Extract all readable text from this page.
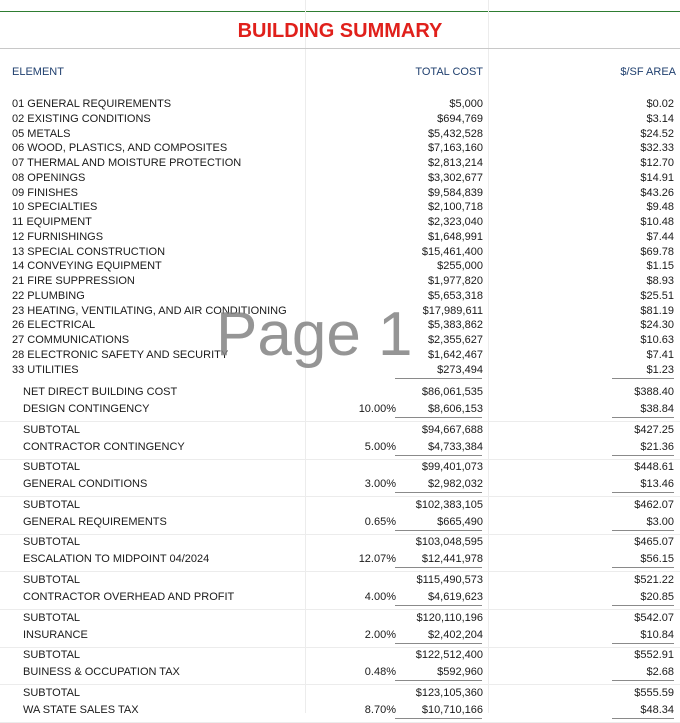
BUILDING SUMMARY
ELEMENT	TOTAL COST	$/SF AREA
01 GENERAL REQUIREMENTS	$5,000	$0.02
02 EXISTING CONDITIONS	$694,769	$3.14
05 METALS	$5,432,528	$24.52
06 WOOD, PLASTICS, AND COMPOSITES	$7,163,160	$32.33
07 THERMAL AND MOISTURE PROTECTION	$2,813,214	$12.70
08 OPENINGS	$3,302,677	$14.91
09 FINISHES	$9,584,839	$43.26
10 SPECIALTIES	$2,100,718	$9.48
11 EQUIPMENT	$2,323,040	$10.48
12 FURNISHINGS	$1,648,991	$7.44
13 SPECIAL CONSTRUCTION	$15,461,400	$69.78
14 CONVEYING EQUIPMENT	$255,000	$1.15
21 FIRE SUPPRESSION	$1,977,820	$8.93
22 PLUMBING	$5,653,318	$25.51
23 HEATING, VENTILATING, AND AIR CONDITIONING	$17,989,611	$81.19
26 ELECTRICAL	$5,383,862	$24.30
27 COMMUNICATIONS	$2,355,627	$10.63
28 ELECTRONIC SAFETY AND SECURITY	$1,642,467	$7.41
33 UTILITIES	$273,494	$1.23
NET DIRECT BUILDING COST	$86,061,535	$388.40
DESIGN CONTINGENCY	10.00%	$8,606,153	$38.84
SUBTOTAL	$94,667,688	$427.25
CONTRACTOR CONTINGENCY	5.00%	$4,733,384	$21.36
SUBTOTAL	$99,401,073	$448.61
GENERAL CONDITIONS	3.00%	$2,982,032	$13.46
SUBTOTAL	$102,383,105	$462.07
GENERAL REQUIREMENTS	0.65%	$665,490	$3.00
SUBTOTAL	$103,048,595	$465.07
ESCALATION TO MIDPOINT 04/2024	12.07% $12,441,978	$56.15
SUBTOTAL	$115,490,573	$521.22
CONTRACTOR OVERHEAD AND PROFIT	4.00%	$4,619,623	$20.85
SUBTOTAL	$120,110,196	$542.07
INSURANCE	2.00%	$2,402,204	$10.84
SUBTOTAL	$122,512,400	$552.91
BUINESS & OCCUPATION TAX	0.48%	$592,960	$2.68
SUBTOTAL	$123,105,360	$555.59
WA STATE SALES TAX	8.70% $10,710,166	$48.34
Page 1
